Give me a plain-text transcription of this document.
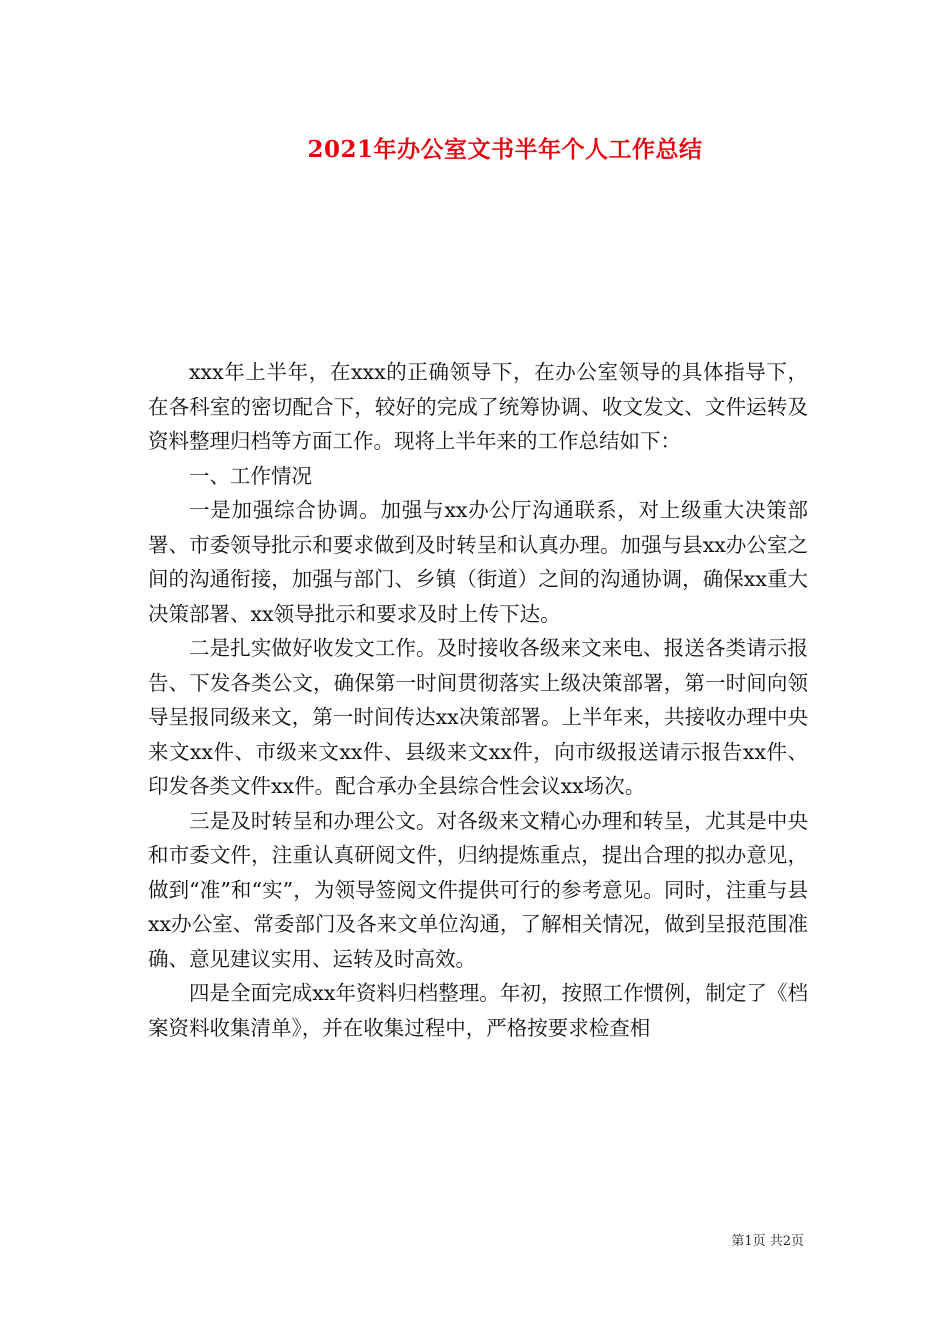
2021年办公室文书半年个人工作总结

xxx年上半年，在xxx的正确领导下，在办公室领导的具体指导下，在各科室的密切配合下，较好的完成了统筹协调、收文发文、文件运转及资料整理归档等方面工作。现将上半年来的工作总结如下：

一、工作情况

一是加强综合协调。加强与xx办公厅沟通联系，对上级重大决策部署、市委领导批示和要求做到及时转呈和认真办理。加强与县xx办公室之间的沟通衔接，加强与部门、乡镇（街道）之间的沟通协调，确保xx重大决策部署、xx领导批示和要求及时上传下达。

二是扎实做好收发文工作。及时接收各级来文来电、报送各类请示报告、下发各类公文，确保第一时间贯彻落实上级决策部署，第一时间向领导呈报同级来文，第一时间传达xx决策部署。上半年来，共接收办理中央来文xx件、市级来文xx件、县级来文xx件，向市级报送请示报告xx件、印发各类文件xx件。配合承办全县综合性会议xx场次。

三是及时转呈和办理公文。对各级来文精心办理和转呈，尤其是中央和市委文件，注重认真研阅文件，归纳提炼重点，提出合理的拟办意见，做到“准”和“实”，为领导签阅文件提供可行的参考意见。同时，注重与县xx办公室、常委部门及各来文单位沟通，了解相关情况，做到呈报范围准确、意见建议实用、运转及时高效。

四是全面完成xx年资料归档整理。年初，按照工作惯例，制定了《档案资料收集清单》，并在收集过程中，严格按要求检查相

第1页 共2页
